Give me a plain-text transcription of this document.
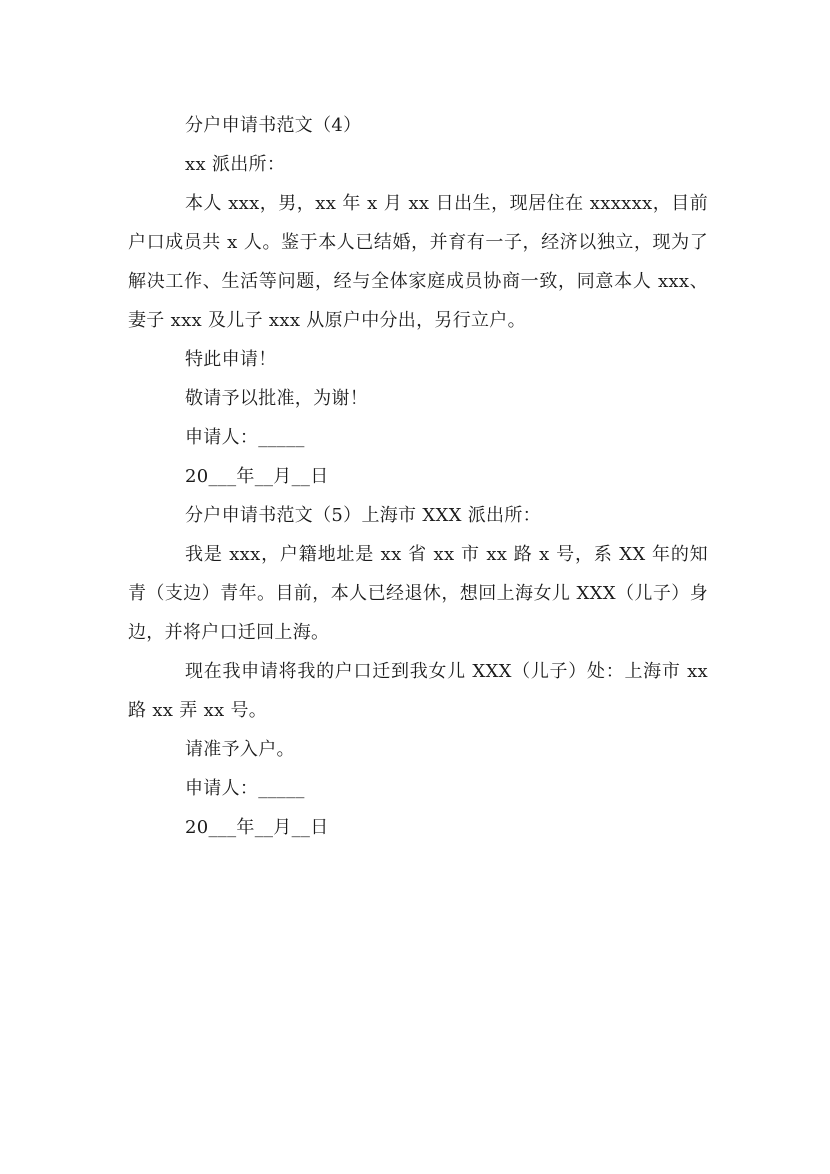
分户申请书范文（4）

xx 派出所：

本人 xxx，男，xx 年 x 月 xx 日出生，现居住在 xxxxxx，目前户口成员共 x 人。鉴于本人已结婚，并育有一子，经济以独立，现为了解决工作、生活等问题，经与全体家庭成员协商一致，同意本人 xxx、妻子 xxx 及儿子 xxx 从原户中分出，另行立户。

特此申请！

敬请予以批准，为谢！

申请人：_____

20___年__月__日

分户申请书范文（5）上海市 XXX 派出所：

我是 xxx，户籍地址是 xx 省 xx 市 xx 路 x 号，系 XX 年的知青（支边）青年。目前，本人已经退休，想回上海女儿 XXX（儿子）身边，并将户口迁回上海。

现在我申请将我的户口迁到我女儿 XXX（儿子）处：上海市 xx 路 xx 弄 xx 号。

请准予入户。

申请人：_____

20___年__月__日
